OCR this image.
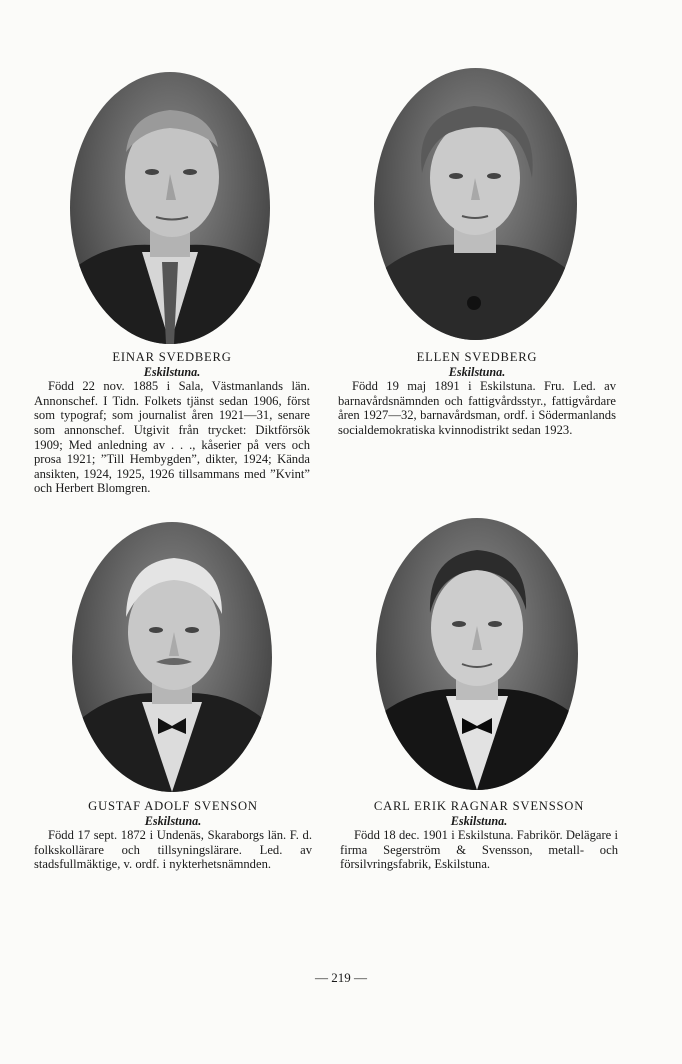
EINAR SVEDBERG
Eskilstuna.
Född 22 nov. 1885 i Sala, Västmanlands län. Annonschef. I Tidn. Folkets tjänst sedan 1906, först som typograf; som journalist åren 1921—31, senare som annonschef. Utgivit från trycket: Diktförsök 1909; Med anledning av . . ., kåserier på vers och prosa 1921; ”Till Hembygden”, dikter, 1924; Kända ansikten, 1924, 1925, 1926 tillsammans med ”Kvint” och Herbert Blomgren.
ELLEN SVEDBERG
Eskilstuna.
Född 19 maj 1891 i Eskilstuna. Fru. Led. av barnavårdsnämnden och fattigvårdsstyr., fattigvårdare åren 1927—32, barnavårdsman, ordf. i Södermanlands socialdemokratiska kvinnodistrikt sedan 1923.
GUSTAF ADOLF SVENSON
Eskilstuna.
Född 17 sept. 1872 i Undenäs, Skaraborgs län. F. d. folkskollärare och tillsyningslärare. Led. av stadsfullmäktige, v. ordf. i nykterhetsnämnden.
CARL ERIK RAGNAR SVENSSON
Eskilstuna.
Född 18 dec. 1901 i Eskilstuna. Fabrikör. Delägare i firma Segerström & Svensson, metall- och försilvringsfabrik, Eskilstuna.
— 219 —
